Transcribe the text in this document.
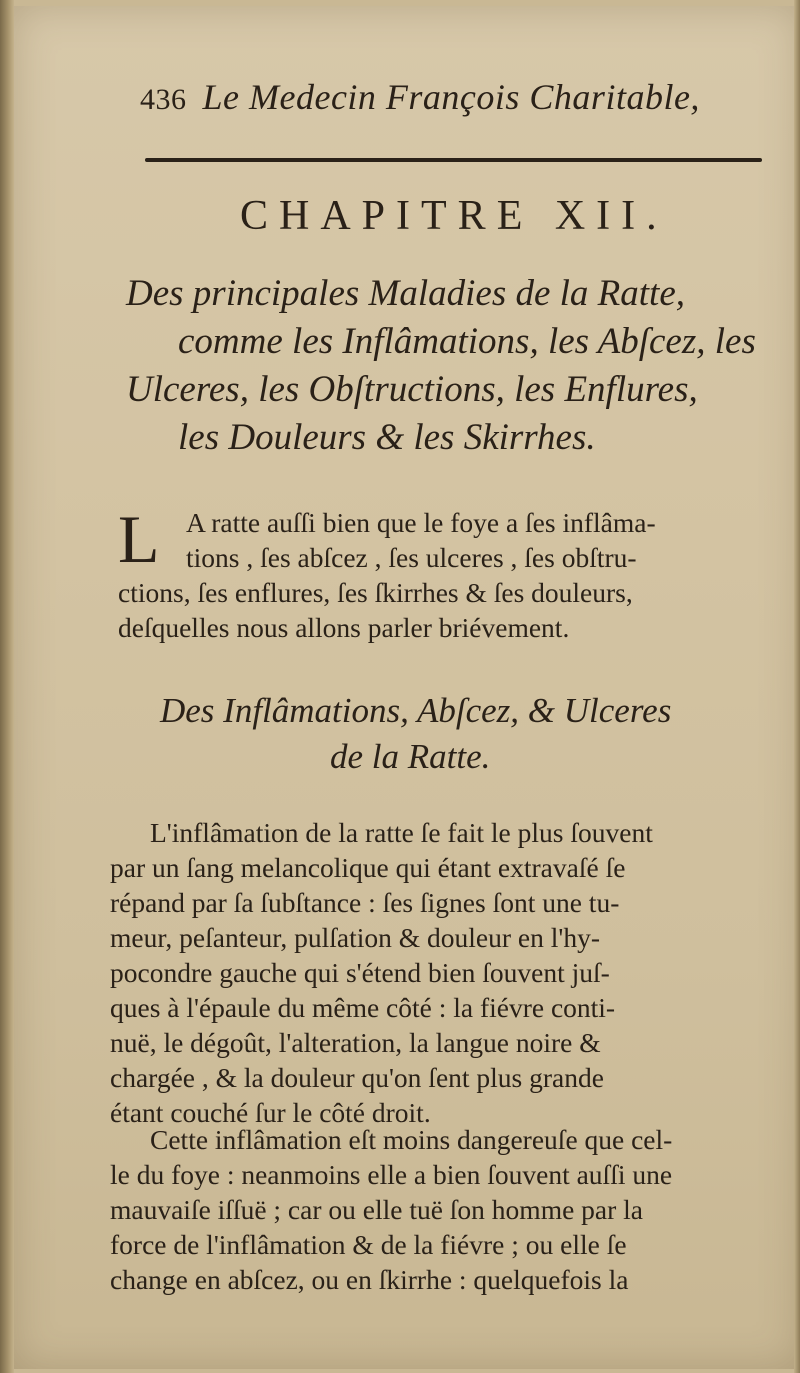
436 Le Medecin François Charitable,
CHAPITRE XII.
Des principales Maladies de la Ratte,
comme les Inflâmations, les Abſcez, les
Ulceres, les Obſtructions, les Enflures,
les Douleurs & les Skirrhes.
L A ratte auſſi bien que le foye a ſes inflâma-
tions , ſes abſcez , ſes ulceres , ſes obſtru-
ctions, ſes enflures, ſes ſkirrhes & ſes douleurs,
deſquelles nous allons parler briévement.
Des Inflâmations, Abſcez, & Ulceres
de la Ratte.
L'inflâmation de la ratte ſe fait le plus ſouvent
par un ſang melancolique qui étant extravaſé ſe
répand par ſa ſubſtance : ſes ſignes ſont une tu-
meur, peſanteur, pulſation & douleur en l'hy-
pocondre gauche qui s'étend bien ſouvent juſ-
ques à l'épaule du même côté : la fiévre conti-
nuë, le dégoût, l'alteration, la langue noire &
chargée , & la douleur qu'on ſent plus grande
étant couché ſur le côté droit.
Cette inflâmation eſt moins dangereuſe que cel-
le du foye : neanmoins elle a bien ſouvent auſſi une
mauvaiſe iſſuë ; car ou elle tuë ſon homme par la
force de l'inflâmation & de la fiévre ; ou elle ſe
change en abſcez, ou en ſkirrhe : quelquefois la
